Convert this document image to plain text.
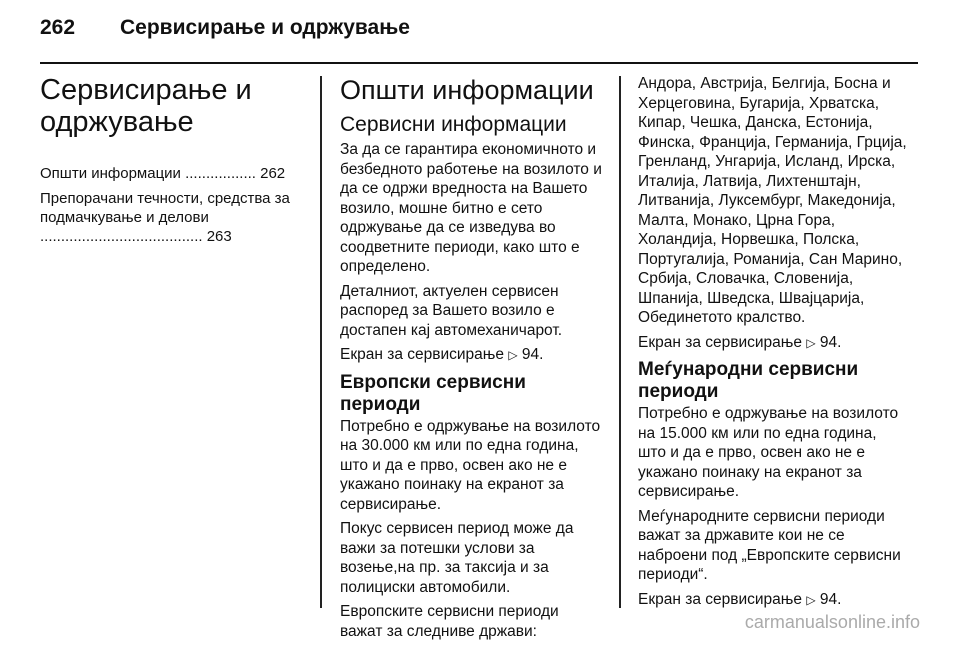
262 Сервисирање и одржување
Сервисирање и одржување
Општи информации ................. 262
Препорачани течности, средства за подмачкување и делови ....................................... 263
Општи информации
Сервисни информации

За да се гарантира економичното и безбедното работење на возилото и да се одржи вредноста на Вашето возило, мошне битно е сето одржување да се изведува во соодветните периоди, како што е определено.

Деталниот, актуелен сервисен распоред за Вашето возило е достапен кај автомеханичарот.

Екран за сервисирање ▷ 94.

Европски сервисни периоди

Потребно е одржување на возилото на 30.000 км или по една година, што и да е прво, освен ако не е укажано поинаку на екранот за сервисирање.

Покус сервисен период може да важи за потешки услови за возење,на пр. за таксија и за полициски автомобили.

Европските сервисни периоди важат за следниве држави:

Андора, Австрија, Белгија, Босна и Херцеговина, Бугарија, Хрватска, Кипар, Чешка, Данска, Естонија, Финска, Франција, Германија, Грција, Гренланд, Унгарија, Исланд, Ирска, Италија, Латвија, Лихтенштајн, Литванија, Луксембург, Македонија, Малта, Монако, Црна Гора, Холандија, Норвешка, Полска, Португалија, Романија, Сан Марино, Србија, Словачка, Словенија, Шпанија, Шведска, Швајцарија, Обединетото кралство.

Екран за сервисирање ▷ 94.

Меѓународни сервисни периоди

Потребно е одржување на возилото на 15.000 км или по една година, што и да е прво, освен ако не е укажано поинаку на екранот за сервисирање.

Меѓународните сервисни периоди важат за државите кои не се наброени под „Европските сервисни периоди“.

Екран за сервисирање ▷ 94.

carmanualsonline.info
